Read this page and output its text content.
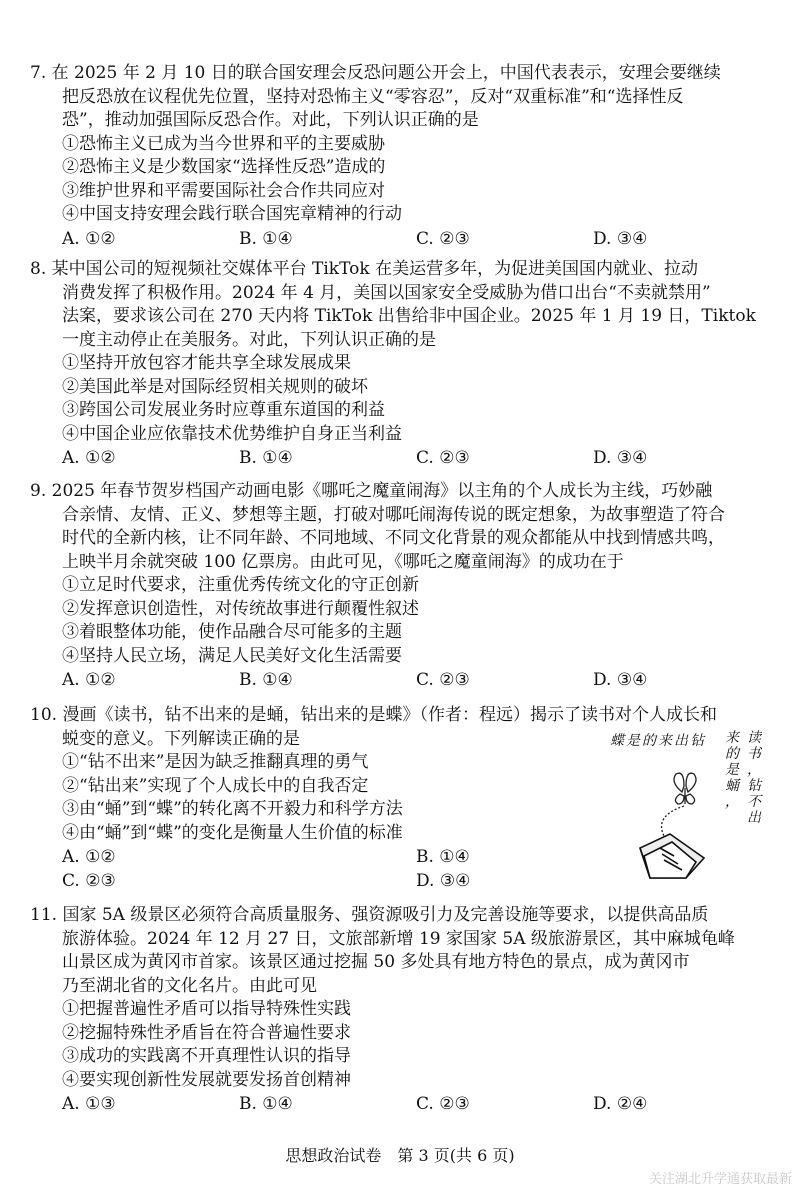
7. 在 2025 年 2 月 10 日的联合国安理会反恐问题公开会上，中国代表表示，安理会要继续
把反恐放在议程优先位置，坚持对恐怖主义“零容忍”，反对“双重标准”和“选择性反
恐”，推动加强国际反恐合作。对此，下列认识正确的是
①恐怖主义已成为当今世界和平的主要威胁
②恐怖主义是少数国家“选择性反恐”造成的
③维护世界和平需要国际社会合作共同应对
④中国支持安理会践行联合国宪章精神的行动
A. ①②	B. ①④	C. ②③	D. ③④
8. 某中国公司的短视频社交媒体平台 TikTok 在美运营多年，为促进美国国内就业、拉动
消费发挥了积极作用。2024 年 4 月，美国以国家安全受威胁为借口出台“不卖就禁用”
法案，要求该公司在 270 天内将 TikTok 出售给非中国企业。2025 年 1 月 19 日，Tiktok
一度主动停止在美服务。对此，下列认识正确的是
①坚持开放包容才能共享全球发展成果
②美国此举是对国际经贸相关规则的破坏
③跨国公司发展业务时应尊重东道国的利益
④中国企业应依靠技术优势维护自身正当利益
A. ①②	B. ①④	C. ②③	D. ③④
9. 2025 年春节贺岁档国产动画电影《哪吒之魔童闹海》以主角的个人成长为主线，巧妙融
合亲情、友情、正义、梦想等主题，打破对哪吒闹海传说的既定想象，为故事塑造了符合
时代的全新内核，让不同年龄、不同地域、不同文化背景的观众都能从中找到情感共鸣，
上映半月余就突破 100 亿票房。由此可见，《哪吒之魔童闹海》的成功在于
①立足时代要求，注重优秀传统文化的守正创新
②发挥意识创造性，对传统故事进行颠覆性叙述
③着眼整体功能，使作品融合尽可能多的主题
④坚持人民立场，满足人民美好文化生活需要
A. ①②	B. ①④	C. ②③	D. ③④
10. 漫画《读书，钻不出来的是蛹，钻出来的是蝶》（作者：程远）揭示了读书对个人成长和
蜕变的意义。下列解读正确的是
①“钻不出来”是因为缺乏推翻真理的勇气
②“钻出来”实现了个人成长中的自我否定
③由“蛹”到“蝶”的转化离不开毅力和科学方法
④由“蛹”到“蝶”的变化是衡量人生价值的标准
A. ①②	B. ①④
C. ②③	D. ③④
读
书
，
钻
不
出
来
的
是
蛹
，
蝶是的来出钻
11. 国家 5A 级景区必须符合高质量服务、强资源吸引力及完善设施等要求，以提供高品质
旅游体验。2024 年 12 月 27 日，文旅部新增 19 家国家 5A 级旅游景区，其中麻城龟峰
山景区成为黄冈市首家。该景区通过挖掘 50 多处具有地方特色的景点，成为黄冈市
乃至湖北省的文化名片。由此可见
①把握普遍性矛盾可以指导特殊性实践
②挖掘特殊性矛盾旨在符合普遍性要求
③成功的实践离不开真理性认识的指导
④要实现创新性发展就要发扬首创精神
A. ①③	B. ①④	C. ②③	D. ②④
思想政治试卷　第 3 页(共 6 页)
关注湖北升学通获取最新
